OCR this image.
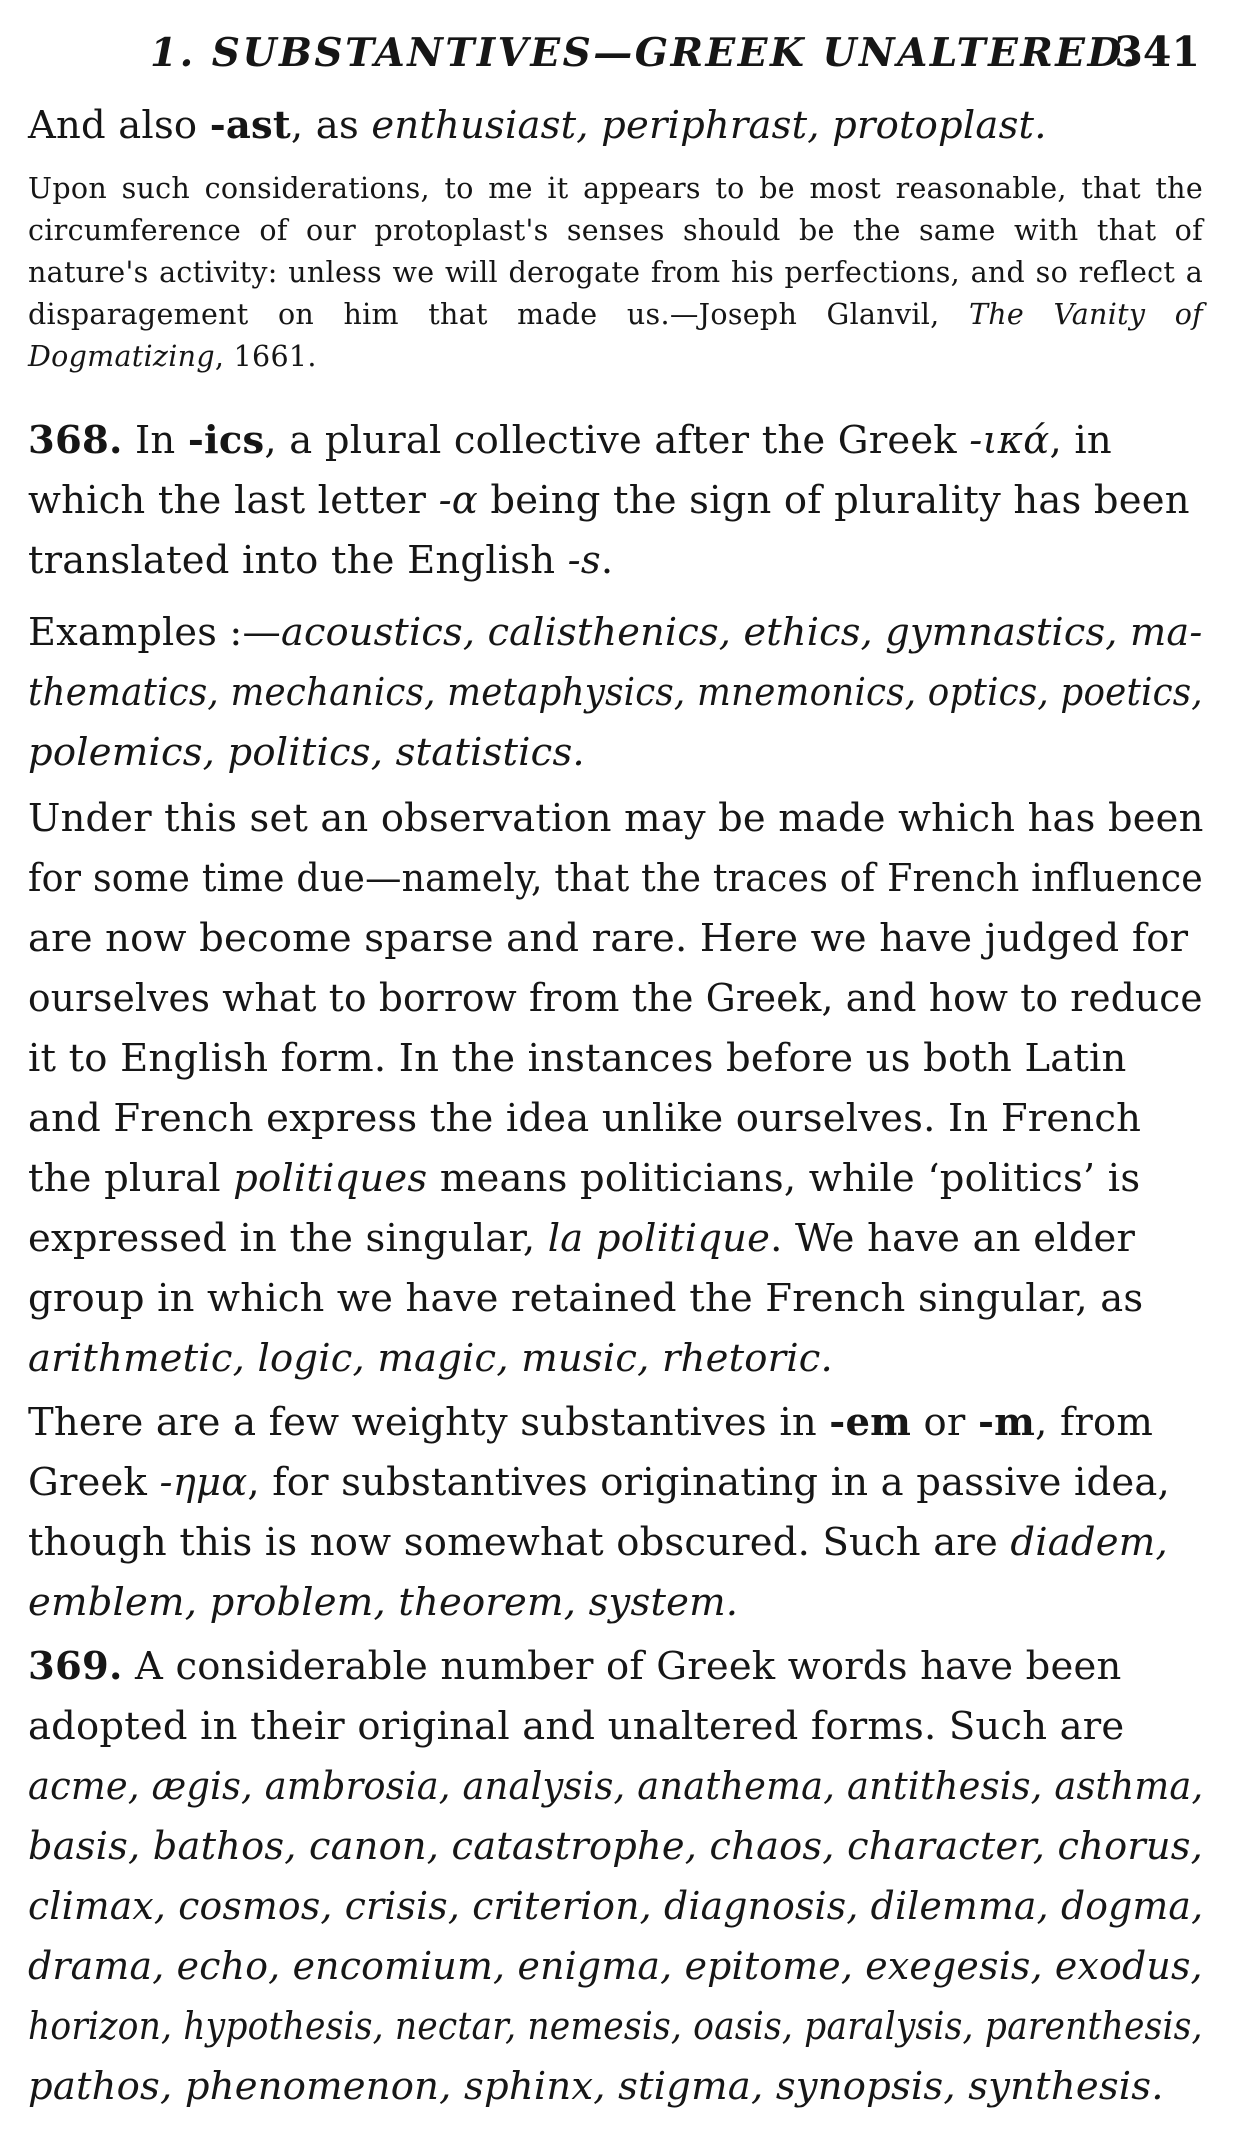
1. SUBSTANTIVES—GREEK UNALTERED.
341

And also -ast, as enthusiast, periphrast, protoplast.

Upon such considerations, to me it appears to be most reasonable, that the circumference of our protoplast's senses should be the same with that of nature's activity: unless we will derogate from his perfections, and so reflect a disparagement on him that made us.—Joseph Glanvil, The Vanity of Dogmatizing, 1661.

368. In -ics, a plural collective after the Greek -ικά, in

which the last letter -α being the sign of plurality has been

translated into the English -s.

Examples :—acoustics, calisthenics, ethics, gymnastics, ma-

thematics, mechanics, metaphysics, mnemonics, optics, poetics,

polemics, politics, statistics.

Under this set an observation may be made which has been

for some time due—namely, that the traces of French influence

are now become sparse and rare. Here we have judged for

ourselves what to borrow from the Greek, and how to reduce

it to English form. In the instances before us both Latin

and French express the idea unlike ourselves. In French

the plural politiques means politicians, while ‘politics’ is

expressed in the singular, la politique. We have an elder

group in which we have retained the French singular, as

arithmetic, logic, magic, music, rhetoric.

There are a few weighty substantives in -em or -m, from

Greek -ημα, for substantives originating in a passive idea,

though this is now somewhat obscured. Such are diadem,

emblem, problem, theorem, system.

369. A considerable number of Greek words have been

adopted in their original and unaltered forms. Such are

acme, ægis, ambrosia, analysis, anathema, antithesis, asthma,

basis, bathos, canon, catastrophe, chaos, character, chorus,

climax, cosmos, crisis, criterion, diagnosis, dilemma, dogma,

drama, echo, encomium, enigma, epitome, exegesis, exodus,

horizon, hypothesis, nectar, nemesis, oasis, paralysis, parenthesis,

pathos, phenomenon, sphinx, stigma, synopsis, synthesis.
